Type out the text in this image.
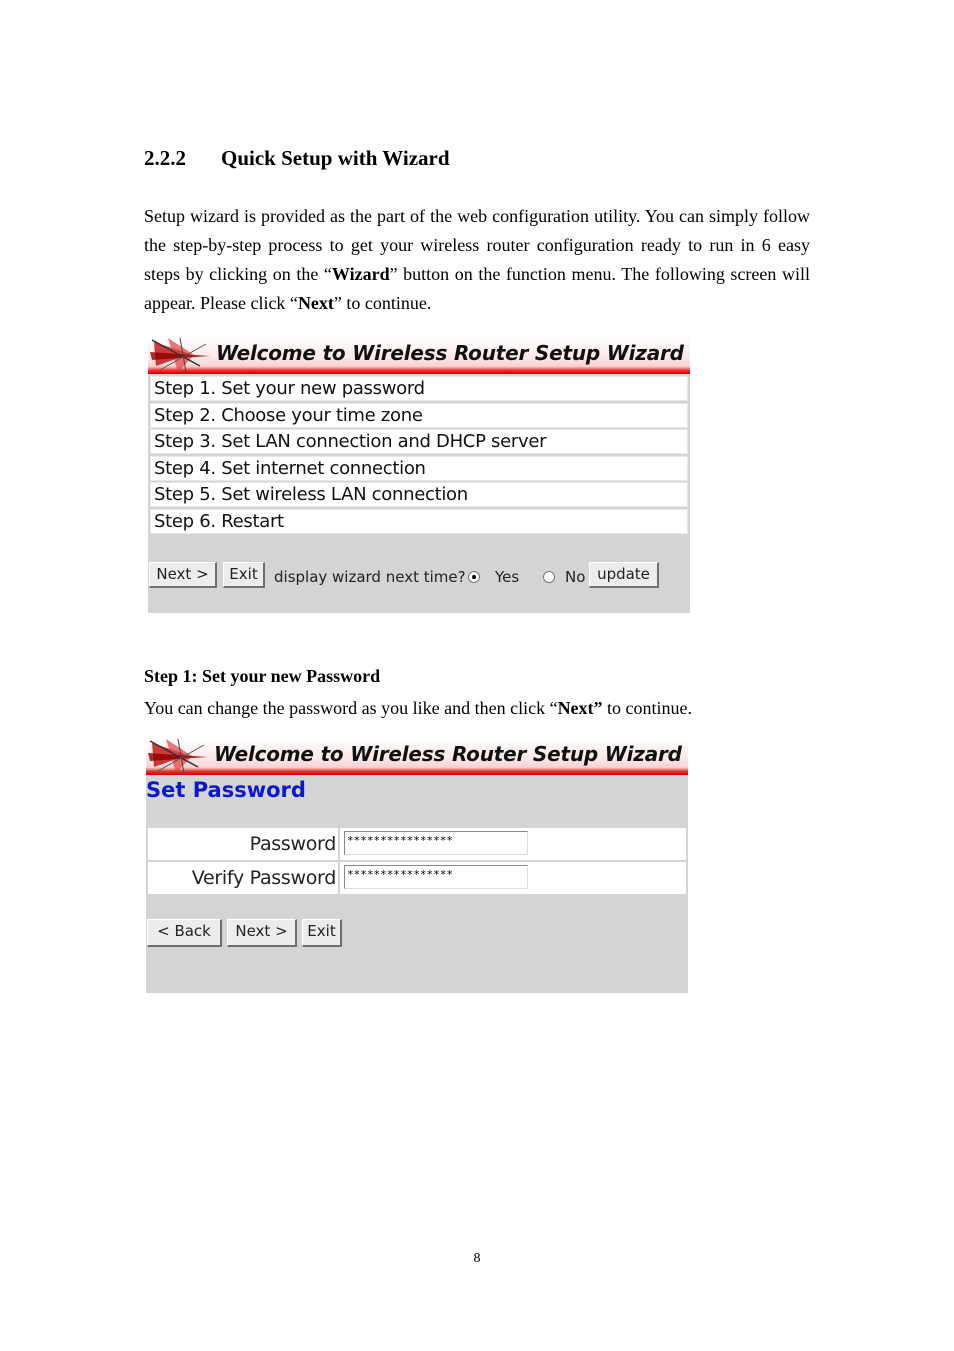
2.2.2 Quick Setup with Wizard

Setup wizard is provided as the part of the web configuration utility. You can simply follow the step-by-step process to get your wireless router configuration ready to run in 6 easy steps by clicking on the “Wizard” button on the function menu. The following screen will appear. Please click “Next” to continue.

Welcome to Wireless Router Setup Wizard
Step 1. Set your new password
Step 2. Choose your time zone
Step 3. Set LAN connection and DHCP server
Step 4. Set internet connection
Step 5. Set wireless LAN connection
Step 6. Restart
Next >	Exit	display wizard next time? Yes	No update
Step 1: Set your new Password

You can change the password as you like and then click “Next” to continue.

Welcome to Wireless Router Setup Wizard
Set Password
Password	****************
Verify Password	****************
< Back	Next >	Exit
8
